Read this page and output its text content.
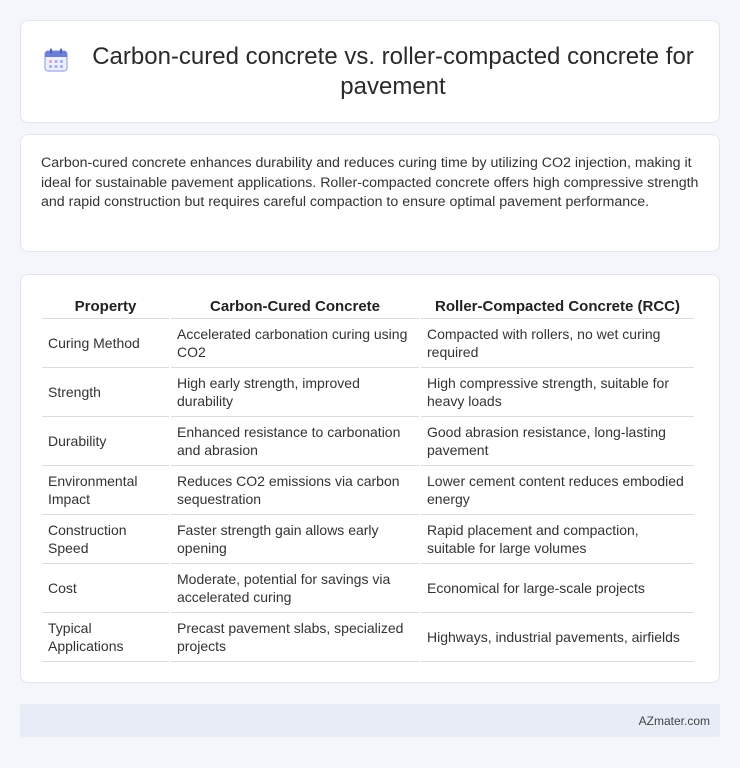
Carbon-cured concrete vs. roller-compacted concrete for pavement

Carbon-cured concrete enhances durability and reduces curing time by utilizing CO2 injection, making it ideal for sustainable pavement applications. Roller-compacted concrete offers high compressive strength and rapid construction but requires careful compaction to ensure optimal pavement performance.

Property	Carbon-Cured Concrete	Roller-Compacted Concrete (RCC)
Curing Method	Accelerated carbonation curing using CO2	Compacted with rollers, no wet curing required
Strength	High early strength, improved durability	High compressive strength, suitable for heavy loads
Durability	Enhanced resistance to carbonation and abrasion	Good abrasion resistance, long-lasting pavement
Environmental Impact	Reduces CO2 emissions via carbon sequestration	Lower cement content reduces embodied energy
Construction Speed	Faster strength gain allows early opening	Rapid placement and compaction, suitable for large volumes
Cost	Moderate, potential for savings via accelerated curing	Economical for large-scale projects
Typical Applications	Precast pavement slabs, specialized projects	Highways, industrial pavements, airfields
AZmater.com
